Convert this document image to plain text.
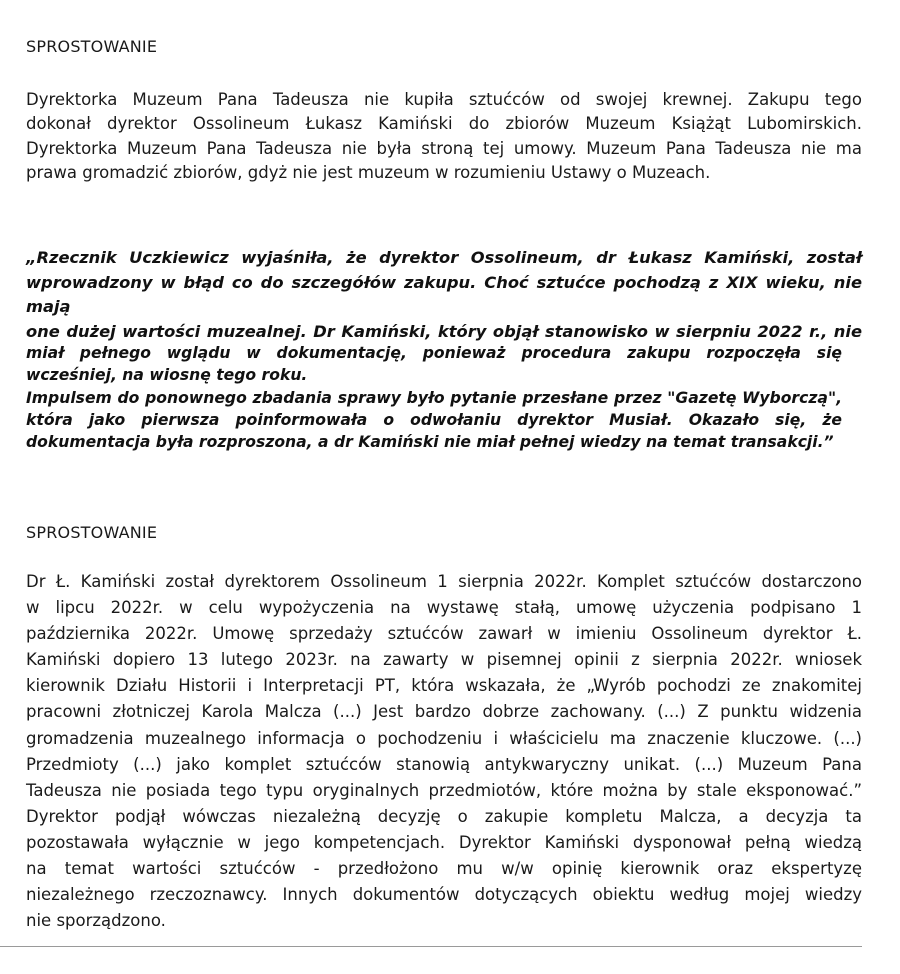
SPROSTOWANIE
Dyrektorka Muzeum Pana Tadeusza nie kupiła sztućców od swojej krewnej. Zakupu tego
dokonał dyrektor Ossolineum Łukasz Kamiński do zbiorów Muzeum Książąt Lubomirskich.
Dyrektorka Muzeum Pana Tadeusza nie była stroną tej umowy. Muzeum Pana Tadeusza nie ma
prawa gromadzić zbiorów, gdyż nie jest muzeum w rozumieniu Ustawy o Muzeach.
„Rzecznik Uczkiewicz wyjaśniła, że dyrektor Ossolineum, dr Łukasz Kamiński, został
wprowadzony w błąd co do szczegółów zakupu. Choć sztućce pochodzą z XIX wieku, nie mają
one dużej wartości muzealnej. Dr Kamiński, który objął stanowisko w sierpniu 2022 r., nie
miał pełnego wglądu w dokumentację, ponieważ procedura zakupu rozpoczęła się
wcześniej, na wiosnę tego roku.
Impulsem do ponownego zbadania sprawy było pytanie przesłane przez "Gazetę Wyborczą",
która jako pierwsza poinformowała o odwołaniu dyrektor Musiał. Okazało się, że
dokumentacja była rozproszona, a dr Kamiński nie miał pełnej wiedzy na temat transakcji.”
SPROSTOWANIE
Dr Ł. Kamiński został dyrektorem Ossolineum 1 sierpnia 2022r. Komplet sztućców dostarczono
w lipcu 2022r. w celu wypożyczenia na wystawę stałą, umowę użyczenia podpisano 1
października 2022r. Umowę sprzedaży sztućców zawarł w imieniu Ossolineum dyrektor Ł.
Kamiński dopiero 13 lutego 2023r. na zawarty w pisemnej opinii z sierpnia 2022r. wniosek
kierownik Działu Historii i Interpretacji PT, która wskazała, że „Wyrób pochodzi ze znakomitej
pracowni złotniczej Karola Malcza (...) Jest bardzo dobrze zachowany. (...) Z punktu widzenia
gromadzenia muzealnego informacja o pochodzeniu i właścicielu ma znaczenie kluczowe. (...)
Przedmioty (...) jako komplet sztućców stanowią antykwaryczny unikat. (...) Muzeum Pana
Tadeusza nie posiada tego typu oryginalnych przedmiotów, które można by stale eksponować.”
Dyrektor podjął wówczas niezależną decyzję o zakupie kompletu Malcza, a decyzja ta
pozostawała wyłącznie w jego kompetencjach. Dyrektor Kamiński dysponował pełną wiedzą
na temat wartości sztućców - przedłożono mu w/w opinię kierownik oraz ekspertyzę
niezależnego rzeczoznawcy. Innych dokumentów dotyczących obiektu według mojej wiedzy
nie sporządzono.
